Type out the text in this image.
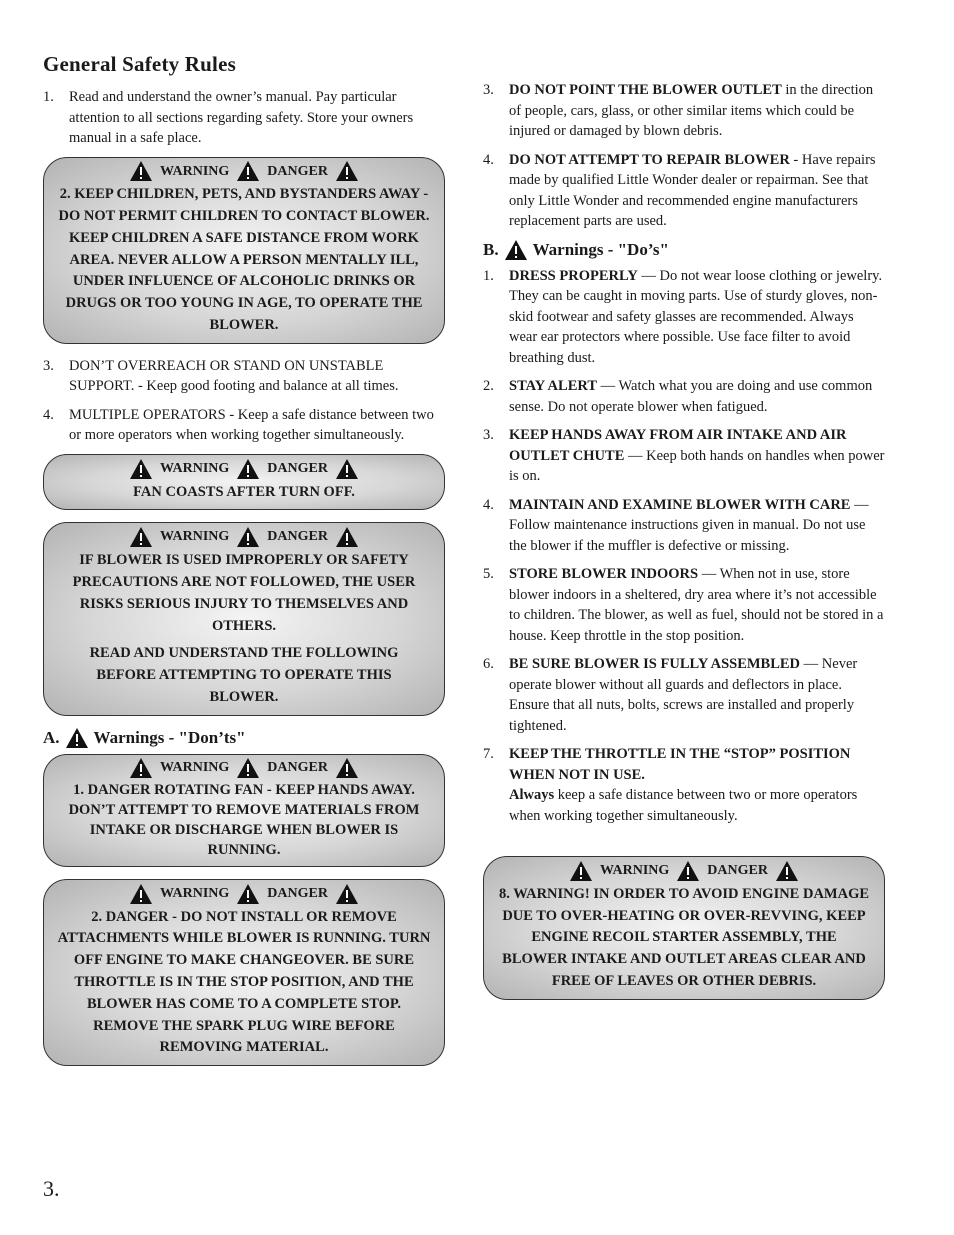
General Safety Rules
1.	Read and understand the owner’s manual. Pay particular attention to all sections regarding safety. Store your owners manual in a safe place.
WARNING	DANGER

2. KEEP CHILDREN, PETS, AND BYSTANDERS AWAY - DO NOT PERMIT CHILDREN TO CONTACT BLOWER. KEEP CHILDREN A SAFE DISTANCE FROM WORK AREA. NEVER ALLOW A PERSON MENTALLY ILL, UNDER INFLUENCE OF ALCOHOLIC DRINKS OR DRUGS OR TOO YOUNG IN AGE, TO OPERATE THE BLOWER.

3.	DON’T OVERREACH OR STAND ON UNSTABLE SUPPORT. - Keep good footing and balance at all times.
4.	MULTIPLE OPERATORS - Keep a safe distance between two or more operators when working together simultaneously.
WARNING	DANGER

FAN COASTS AFTER TURN OFF.

WARNING	DANGER

IF BLOWER IS USED IMPROPERLY OR SAFETY PRECAUTIONS ARE NOT FOLLOWED, THE USER RISKS SERIOUS INJURY TO THEMSELVES AND OTHERS.

READ AND UNDERSTAND THE FOLLOWING BEFORE ATTEMPTING TO OPERATE THIS BLOWER.

A. Warnings - "Don’ts"
WARNING	DANGER

1. DANGER ROTATING FAN - KEEP HANDS AWAY. DON’T ATTEMPT TO REMOVE MATERIALS FROM INTAKE OR DISCHARGE WHEN BLOWER IS RUNNING.

WARNING	DANGER

2. DANGER - DO NOT INSTALL OR REMOVE ATTACHMENTS WHILE BLOWER IS RUNNING. TURN OFF ENGINE TO MAKE CHANGEOVER. BE SURE THROTTLE IS IN THE STOP POSITION, AND THE BLOWER HAS COME TO A COMPLETE STOP. REMOVE THE SPARK PLUG WIRE BEFORE REMOVING MATERIAL.

3.	DO NOT POINT THE BLOWER OUTLET in the direction of people, cars, glass, or other similar items which could be injured or damaged by blown debris.
4.	DO NOT ATTEMPT TO REPAIR BLOWER - Have repairs made by qualified Little Wonder dealer or repairman. See that only Little Wonder and recommended engine manufacturers replacement parts are used.
B. Warnings - "Do’s"
1.	DRESS PROPERLY — Do not wear loose clothing or jewelry. They can be caught in moving parts. Use of sturdy gloves, non-skid footwear and safety glasses are recommended. Always wear ear protectors where possible. Use face filter to avoid breathing dust.
2.	STAY ALERT — Watch what you are doing and use common sense. Do not operate blower when fatigued.
3.	KEEP HANDS AWAY FROM AIR INTAKE AND AIR OUTLET CHUTE — Keep both hands on handles when power is on.
4.	MAINTAIN AND EXAMINE BLOWER WITH CARE — Follow maintenance instructions given in manual. Do not use the blower if the muffler is defective or missing.
5.	STORE BLOWER INDOORS — When not in use, store blower indoors in a sheltered, dry area where it’s not accessible to children. The blower, as well as fuel, should not be stored in a house. Keep throttle in the stop position.
6.	BE SURE BLOWER IS FULLY ASSEMBLED — Never operate blower without all guards and deflectors in place. Ensure that all nuts, bolts, screws are installed and properly tightened.
7.	KEEP THE THROTTLE IN THE “STOP” POSITION WHEN NOT IN USE.
Always keep a safe distance between two or more operators when working together simultaneously.
WARNING	DANGER

8. WARNING! IN ORDER TO AVOID ENGINE DAMAGE DUE TO OVER-HEATING OR OVER-REVVING, KEEP ENGINE RECOIL STARTER ASSEMBLY, THE BLOWER INTAKE AND OUTLET AREAS CLEAR AND FREE OF LEAVES OR OTHER DEBRIS.

3.
